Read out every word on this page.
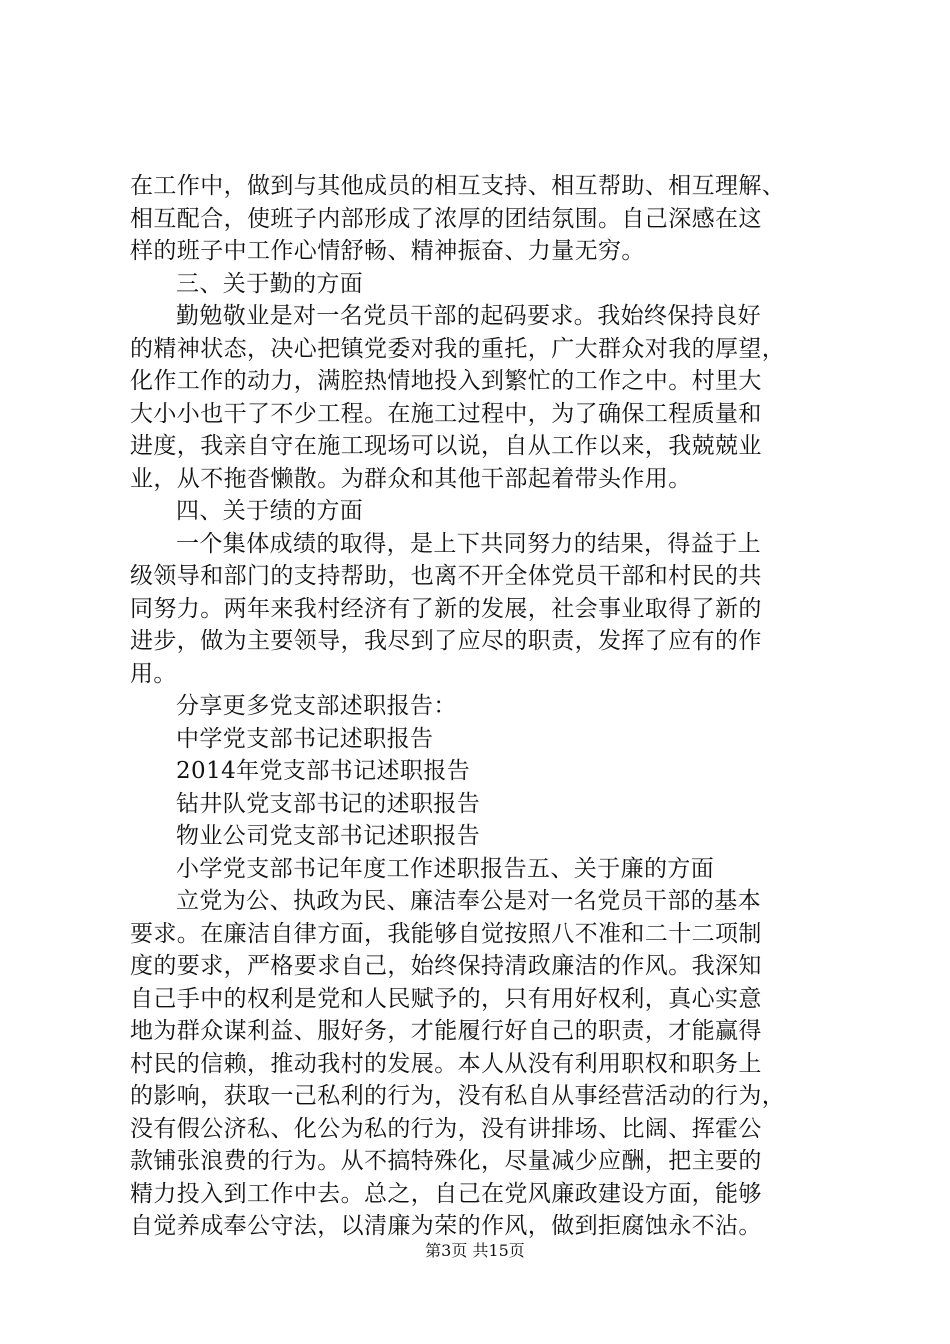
在工作中，做到与其他成员的相互支持、相互帮助、相互理解、
相互配合，使班子内部形成了浓厚的团结氛围。自己深感在这
样的班子中工作心情舒畅、精神振奋、力量无穷。
三、关于勤的方面
勤勉敬业是对一名党员干部的起码要求。我始终保持良好
的精神状态，决心把镇党委对我的重托，广大群众对我的厚望，
化作工作的动力，满腔热情地投入到繁忙的工作之中。村里大
大小小也干了不少工程。在施工过程中，为了确保工程质量和
进度，我亲自守在施工现场可以说，自从工作以来，我兢兢业
业，从不拖沓懒散。为群众和其他干部起着带头作用。
四、关于绩的方面
一个集体成绩的取得，是上下共同努力的结果，得益于上
级领导和部门的支持帮助，也离不开全体党员干部和村民的共
同努力。两年来我村经济有了新的发展，社会事业取得了新的
进步，做为主要领导，我尽到了应尽的职责，发挥了应有的作
用。
分享更多党支部述职报告：
中学党支部书记述职报告
2014年党支部书记述职报告
钻井队党支部书记的述职报告
物业公司党支部书记述职报告
小学党支部书记年度工作述职报告五、关于廉的方面
立党为公、执政为民、廉洁奉公是对一名党员干部的基本
要求。在廉洁自律方面，我能够自觉按照八不准和二十二项制
度的要求，严格要求自己，始终保持清政廉洁的作风。我深知
自己手中的权利是党和人民赋予的，只有用好权利，真心实意
地为群众谋利益、服好务，才能履行好自己的职责，才能赢得
村民的信赖，推动我村的发展。本人从没有利用职权和职务上
的影响，获取一己私利的行为，没有私自从事经营活动的行为，
没有假公济私、化公为私的行为，没有讲排场、比阔、挥霍公
款铺张浪费的行为。从不搞特殊化，尽量减少应酬，把主要的
精力投入到工作中去。总之，自己在党风廉政建设方面，能够
自觉养成奉公守法，以清廉为荣的作风，做到拒腐蚀永不沾。
第3页 共15页
